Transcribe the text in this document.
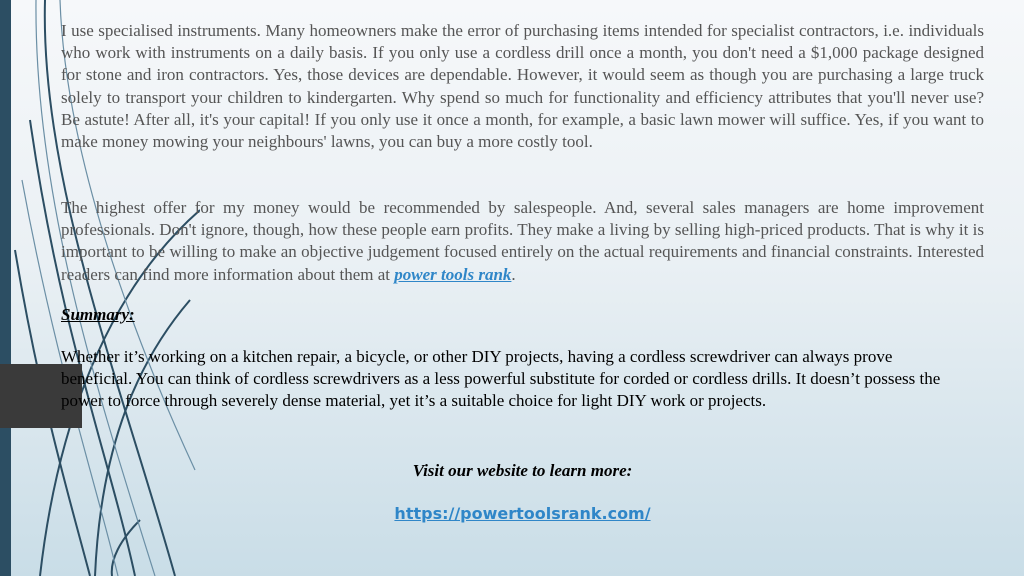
I use specialised instruments. Many homeowners make the error of purchasing items intended for specialist contractors, i.e. individuals who work with instruments on a daily basis. If you only use a cordless drill once a month, you don't need a $1,000 package designed for stone and iron contractors. Yes, those devices are dependable. However, it would seem as though you are purchasing a large truck solely to transport your children to kindergarten. Why spend so much for functionality and efficiency attributes that you'll never use? Be astute! After all, it's your capital! If you only use it once a month, for example, a basic lawn mower will suffice. Yes, if you want to make money mowing your neighbours' lawns, you can buy a more costly tool.

The highest offer for my money would be recommended by salespeople. And, several sales managers are home improvement professionals. Don't ignore, though, how these people earn profits. They make a living by selling high-priced products. That is why it is important to be willing to make an objective judgement focused entirely on the actual requirements and financial constraints. Interested readers can find more information about them at power tools rank.

Summary:

Whether it’s working on a kitchen repair, a bicycle, or other DIY projects, having a cordless screwdriver can always prove beneficial. You can think of cordless screwdrivers as a less powerful substitute for corded or cordless drills. It doesn’t possess the power to force through severely dense material, yet it’s a suitable choice for light DIY work or projects.

Visit our website to learn more:
https://powertoolsrank.com/
